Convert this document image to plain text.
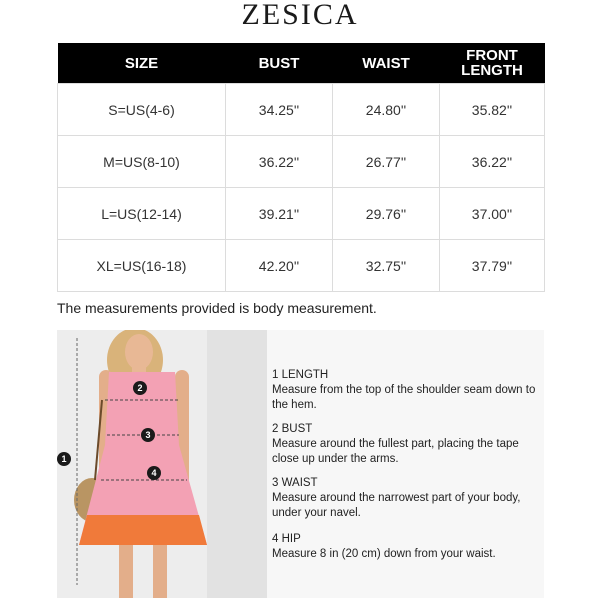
ZESICA
SIZE	BUST	WAIST	FRONT
LENGTH
S=US(4-6)	34.25''	24.80''	35.82''
M=US(8-10)	36.22''	26.77''	36.22''
L=US(12-14)	39.21''	29.76''	37.00''
XL=US(16-18)	42.20''	32.75''	37.79''
The measurements provided is body measurement.
1
2
3
4
1 LENGTH
Measure from the top of the shoulder seam down to the hem.
2 BUST
Measure around the fullest part, placing the tape close up under the arms.
3 WAIST
Measure around the narrowest part of your body, under your navel.
4 HIP
Measure 8 in (20 cm) down from your waist.
